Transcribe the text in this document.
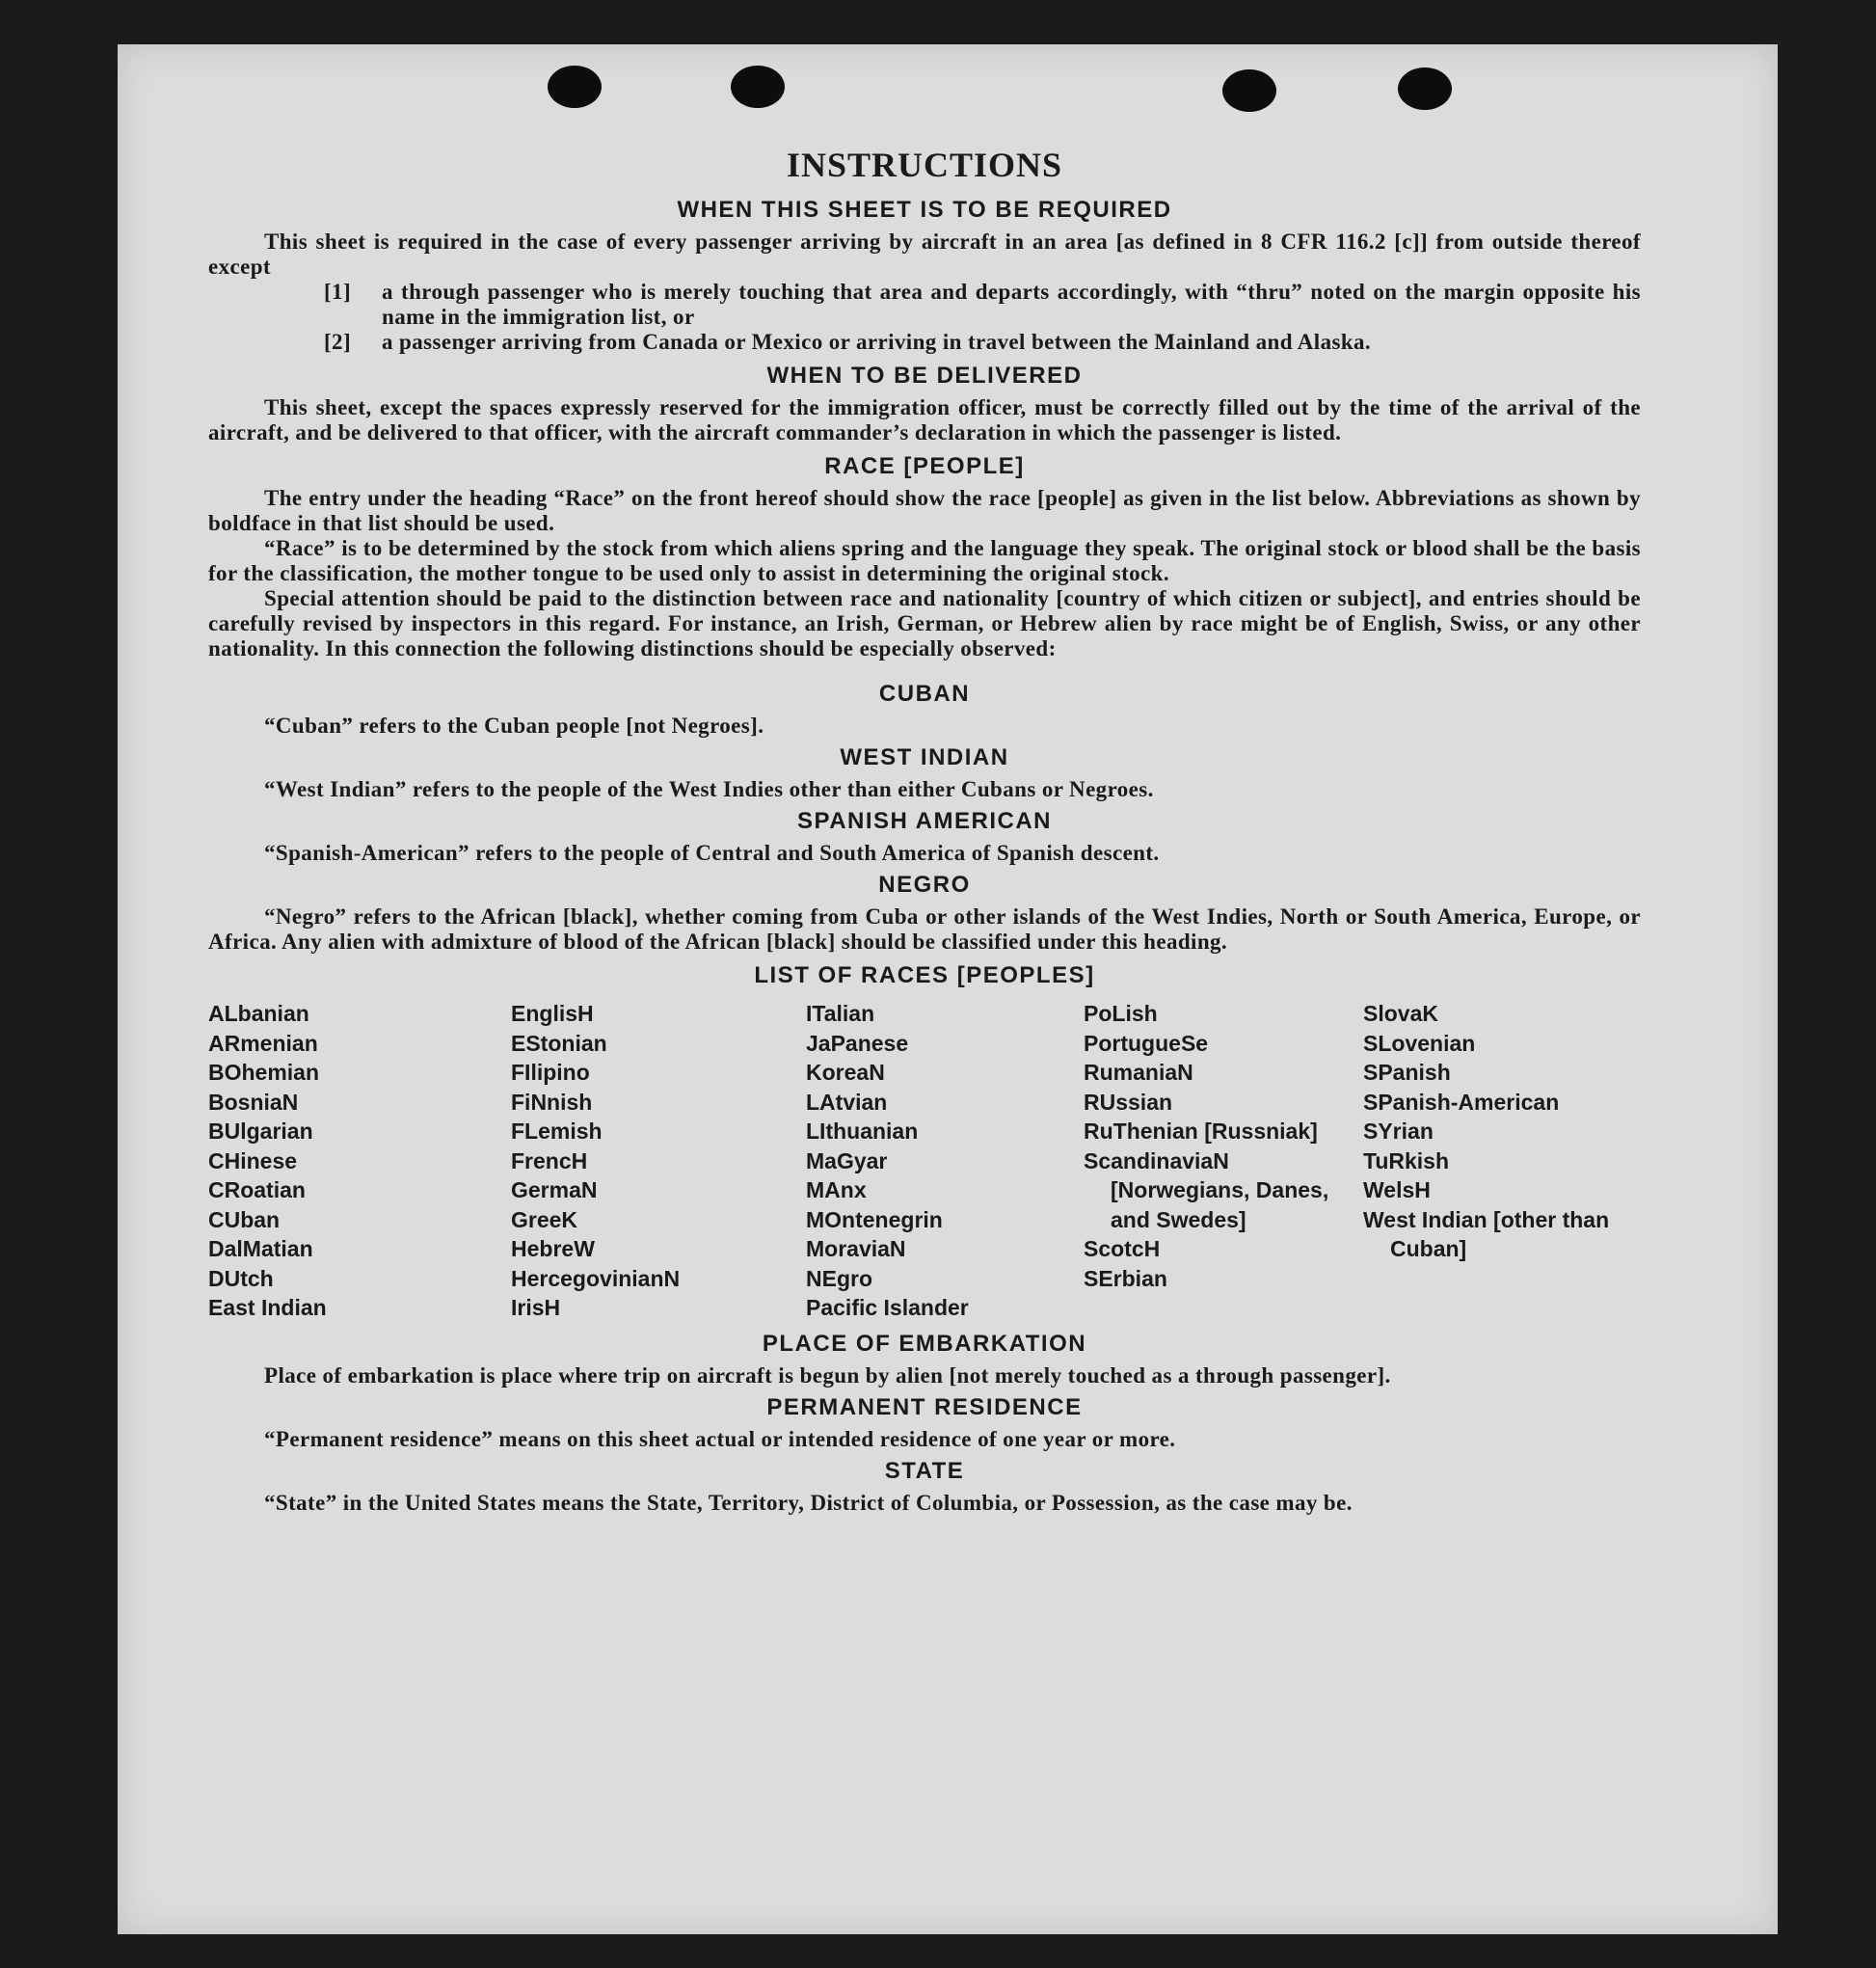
INSTRUCTIONS
WHEN THIS SHEET IS TO BE REQUIRED

This sheet is required in the case of every passenger arriving by aircraft in an area [as defined in 8 CFR 116.2 [c]] from outside thereof except

[1]	a through passenger who is merely touching that area and departs accordingly, with “thru” noted on the margin opposite his name in the immigration list, or
[2]	a passenger arriving from Canada or Mexico or arriving in travel between the Mainland and Alaska.
WHEN TO BE DELIVERED

This sheet, except the spaces expressly reserved for the immigration officer, must be correctly filled out by the time of the arrival of the aircraft, and be delivered to that officer, with the aircraft commander’s declaration in which the passenger is listed.

RACE [PEOPLE]

The entry under the heading “Race” on the front hereof should show the race [people] as given in the list below. Abbreviations as shown by boldface in that list should be used.

“Race” is to be determined by the stock from which aliens spring and the language they speak. The original stock or blood shall be the basis for the classification, the mother tongue to be used only to assist in determining the original stock.

Special attention should be paid to the distinction between race and nationality [country of which citizen or subject], and entries should be carefully revised by inspectors in this regard. For instance, an Irish, German, or Hebrew alien by race might be of English, Swiss, or any other nationality. In this connection the following distinctions should be especially observed:

CUBAN

“Cuban” refers to the Cuban people [not Negroes].

WEST INDIAN

“West Indian” refers to the people of the West Indies other than either Cubans or Negroes.

SPANISH AMERICAN

“Spanish-American” refers to the people of Central and South America of Spanish descent.

NEGRO

“Negro” refers to the African [black], whether coming from Cuba or other islands of the West Indies, North or South America, Europe, or Africa. Any alien with admixture of blood of the African [black] should be classified under this heading.

LIST OF RACES [PEOPLES]
ALbanian
ARmenian
BOhemian
BosniaN
BUlgarian
CHinese
CRoatian
CUban
DalMatian
DUtch
East Indian
EnglisH
EStonian
FIlipino
FiNnish
FLemish
FrencH
GermaN
GreeK
HebreW
HercegovinianN
IrisH
ITalian
JaPanese
KoreaN
LAtvian
LIthuanian
MaGyar
MAnx
MOntenegrin
MoraviaN
NEgro
Pacific Islander
PoLish
PortugueSe
RumaniaN
RUssian
RuThenian [Russniak]
ScandinaviaN [Norwegians, Danes, and Swedes]
ScotcH
SErbian
SlovaK
SLovenian
SPanish
SPanish-American
SYrian
TuRkish
WelsH
West Indian [other than Cuban]
PLACE OF EMBARKATION

Place of embarkation is place where trip on aircraft is begun by alien [not merely touched as a through passenger].

PERMANENT RESIDENCE

“Permanent residence” means on this sheet actual or intended residence of one year or more.

STATE

“State” in the United States means the State, Territory, District of Columbia, or Possession, as the case may be.
